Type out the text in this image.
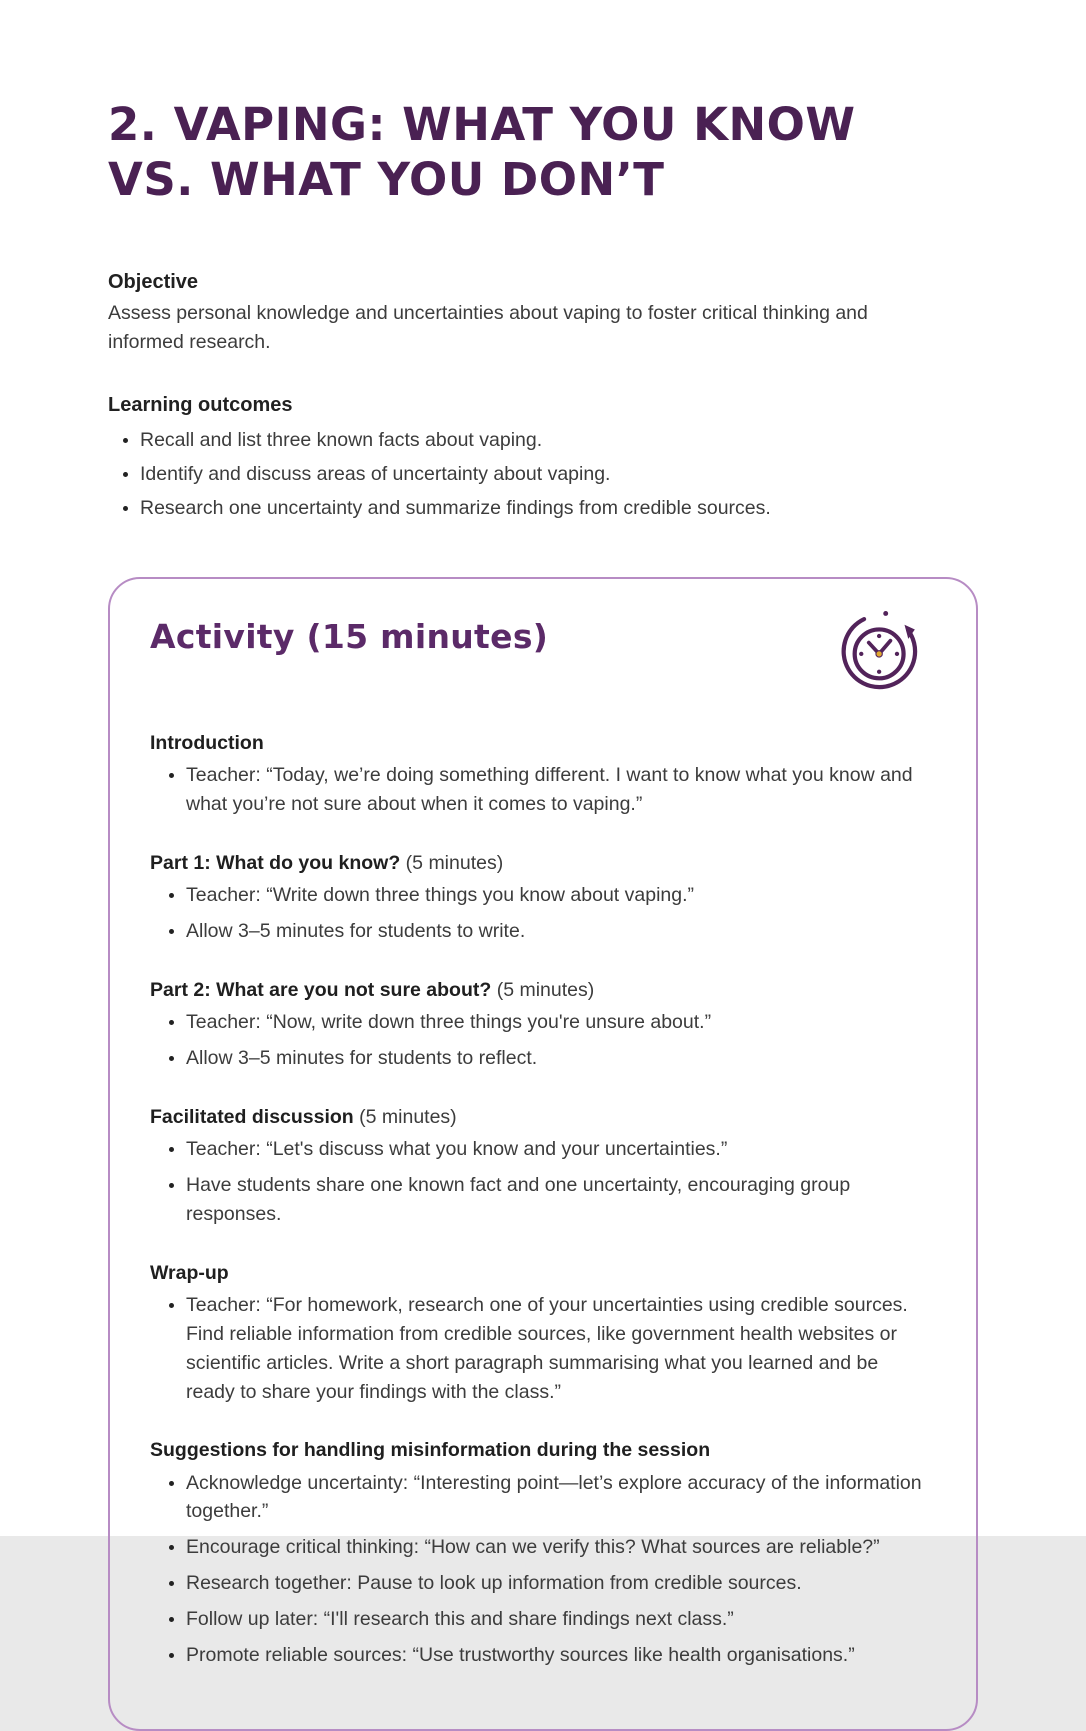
2. VAPING: WHAT YOU KNOW
VS. WHAT YOU DON’T
Objective

Assess personal knowledge and uncertainties about vaping to foster critical thinking and informed research.

Learning outcomes
• Recall and list three known facts about vaping.
• Identify and discuss areas of uncertainty about vaping.
• Research one uncertainty and summarize findings from credible sources.
Activity (15 minutes)

Introduction

• Teacher: “Today, we’re doing something different. I want to know what you know and what you’re not sure about when it comes to vaping.”

Part 1: What do you know? (5 minutes)

• Teacher: “Write down three things you know about vaping.”
• Allow 3–5 minutes for students to write.

Part 2: What are you not sure about? (5 minutes)

• Teacher: “Now, write down three things you're unsure about.”
• Allow 3–5 minutes for students to reflect.

Facilitated discussion (5 minutes)

• Teacher: “Let's discuss what you know and your uncertainties.”
• Have students share one known fact and one uncertainty, encouraging group responses.

Wrap-up

• Teacher: “For homework, research one of your uncertainties using credible sources. Find reliable information from credible sources, like government health websites or scientific articles. Write a short paragraph summarising what you learned and be ready to share your findings with the class.”

Suggestions for handling misinformation during the session

• Acknowledge uncertainty: “Interesting point—let’s explore accuracy of the information together.”
• Encourage critical thinking: “How can we verify this? What sources are reliable?”
• Research together: Pause to look up information from credible sources.
• Follow up later: “I'll research this and share findings next class.”
• Promote reliable sources: “Use trustworthy sources like health organisations.”
